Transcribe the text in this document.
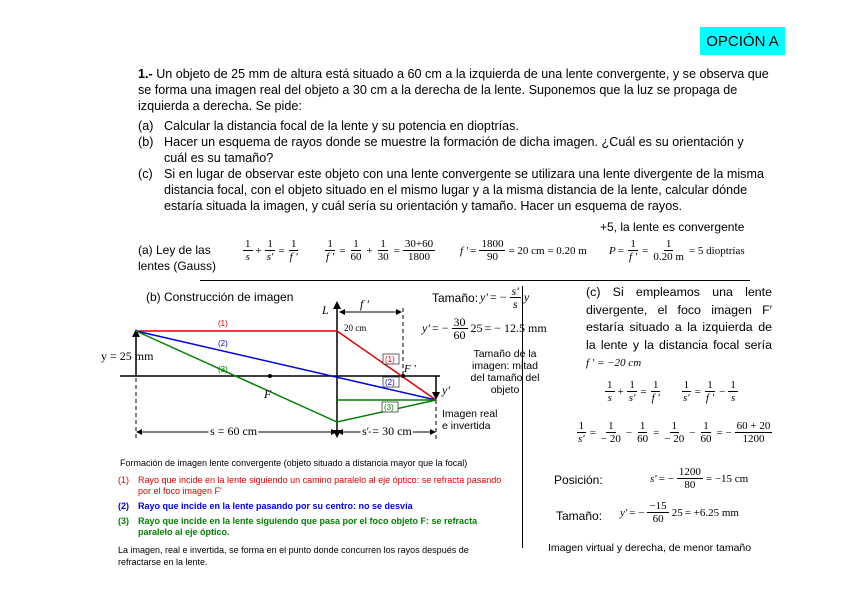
OPCIÓN A
1.- Un objeto de 25 mm de altura está situado a 60 cm a la izquierda de una lente convergente, y se observa que se forma una imagen real del objeto a 30 cm a la derecha de la lente. Suponemos que la luz se propaga de izquierda a derecha. Se pide:
(a) Calcular la distancia focal de la lente y su potencia en dioptrías.
(b) Hacer un esquema de rayos donde se muestre la formación de dicha imagen. ¿Cuál es su orientación y cuál es su tamaño?
(c) Si en lugar de observar este objeto con una lente convergente se utilizara una lente divergente de la misma distancia focal, con el objeto situado en el mismo lugar y a la misma distancia de la lente, calcular dónde estaría situada la imagen, y cuál sería su orientación y tamaño. Hacer un esquema de rayos.
+5, la lente es convergente
(a) Ley de las lentes (Gauss)
$\frac{1}{s} + \frac{1}{s'} = \frac{1}{f '} \frac{1}{f '} = \frac{1}{60} + \frac{1}{30} = \frac{30+60}{1800}$ f ′ = $\frac{1800}{90} = 20$ cm = 0.20 m $P = \frac{1}{f '} = \frac{1}{0.20 m} = 5$ dioptrías
(b) Construcción de imagen	Tamaño: y′ = − $\frac{s'}{s}$ y
y′ = − $\frac{30}{60} 25$ = − 12.5 mm
Tamaño de la imagen: mitad del tamaño del objeto
Imagen real e invertida
L	f ′
20 cm
F ′
F
y = 25 mm
y′
s = 60 cm	s′ = 30 cm
(1)
(2)
(3)
(1)
(2)
(3)
Formación de imagen lente convergente (objeto situado a distancia mayor que la focal)
(1)	Rayo que incide en la lente siguiendo un camino paralelo al eje óptico: se refracta pasando por el foco imagen F′
(2)	Rayo que incide en la lente pasando por su centro: no se desvía
(3)	Rayo que incide en la lente siguiendo que pasa por el foco objeto F: se refracta paralelo al eje óptico.
La imagen, real e invertida, se forma en el punto donde concurren los rayos después de refractarse en la lente.
(c) Si empleamos una lente divergente, el foco imagen F′ estaría situado a la izquierda de la lente y la distancia focal sería f ′ = −20 cm
$\frac{1}{s} + \frac{1}{s'} = \frac{1}{f '} \frac{1}{s'} = \frac{1}{f '} - \frac{1}{s}$
$\frac{1}{s'} = \frac{1}{- 20} - \frac{1}{60} = \frac{1}{- 20} - \frac{1}{60}$ = − $\frac{60 + 20}{1200}$
Posición:	s′ = − $\frac{1200}{80} = -15$ cm
Tamaño: y′ = − $\frac{-15}{60} 25 = +6.25$ mm
Imagen virtual y derecha, de menor tamaño
